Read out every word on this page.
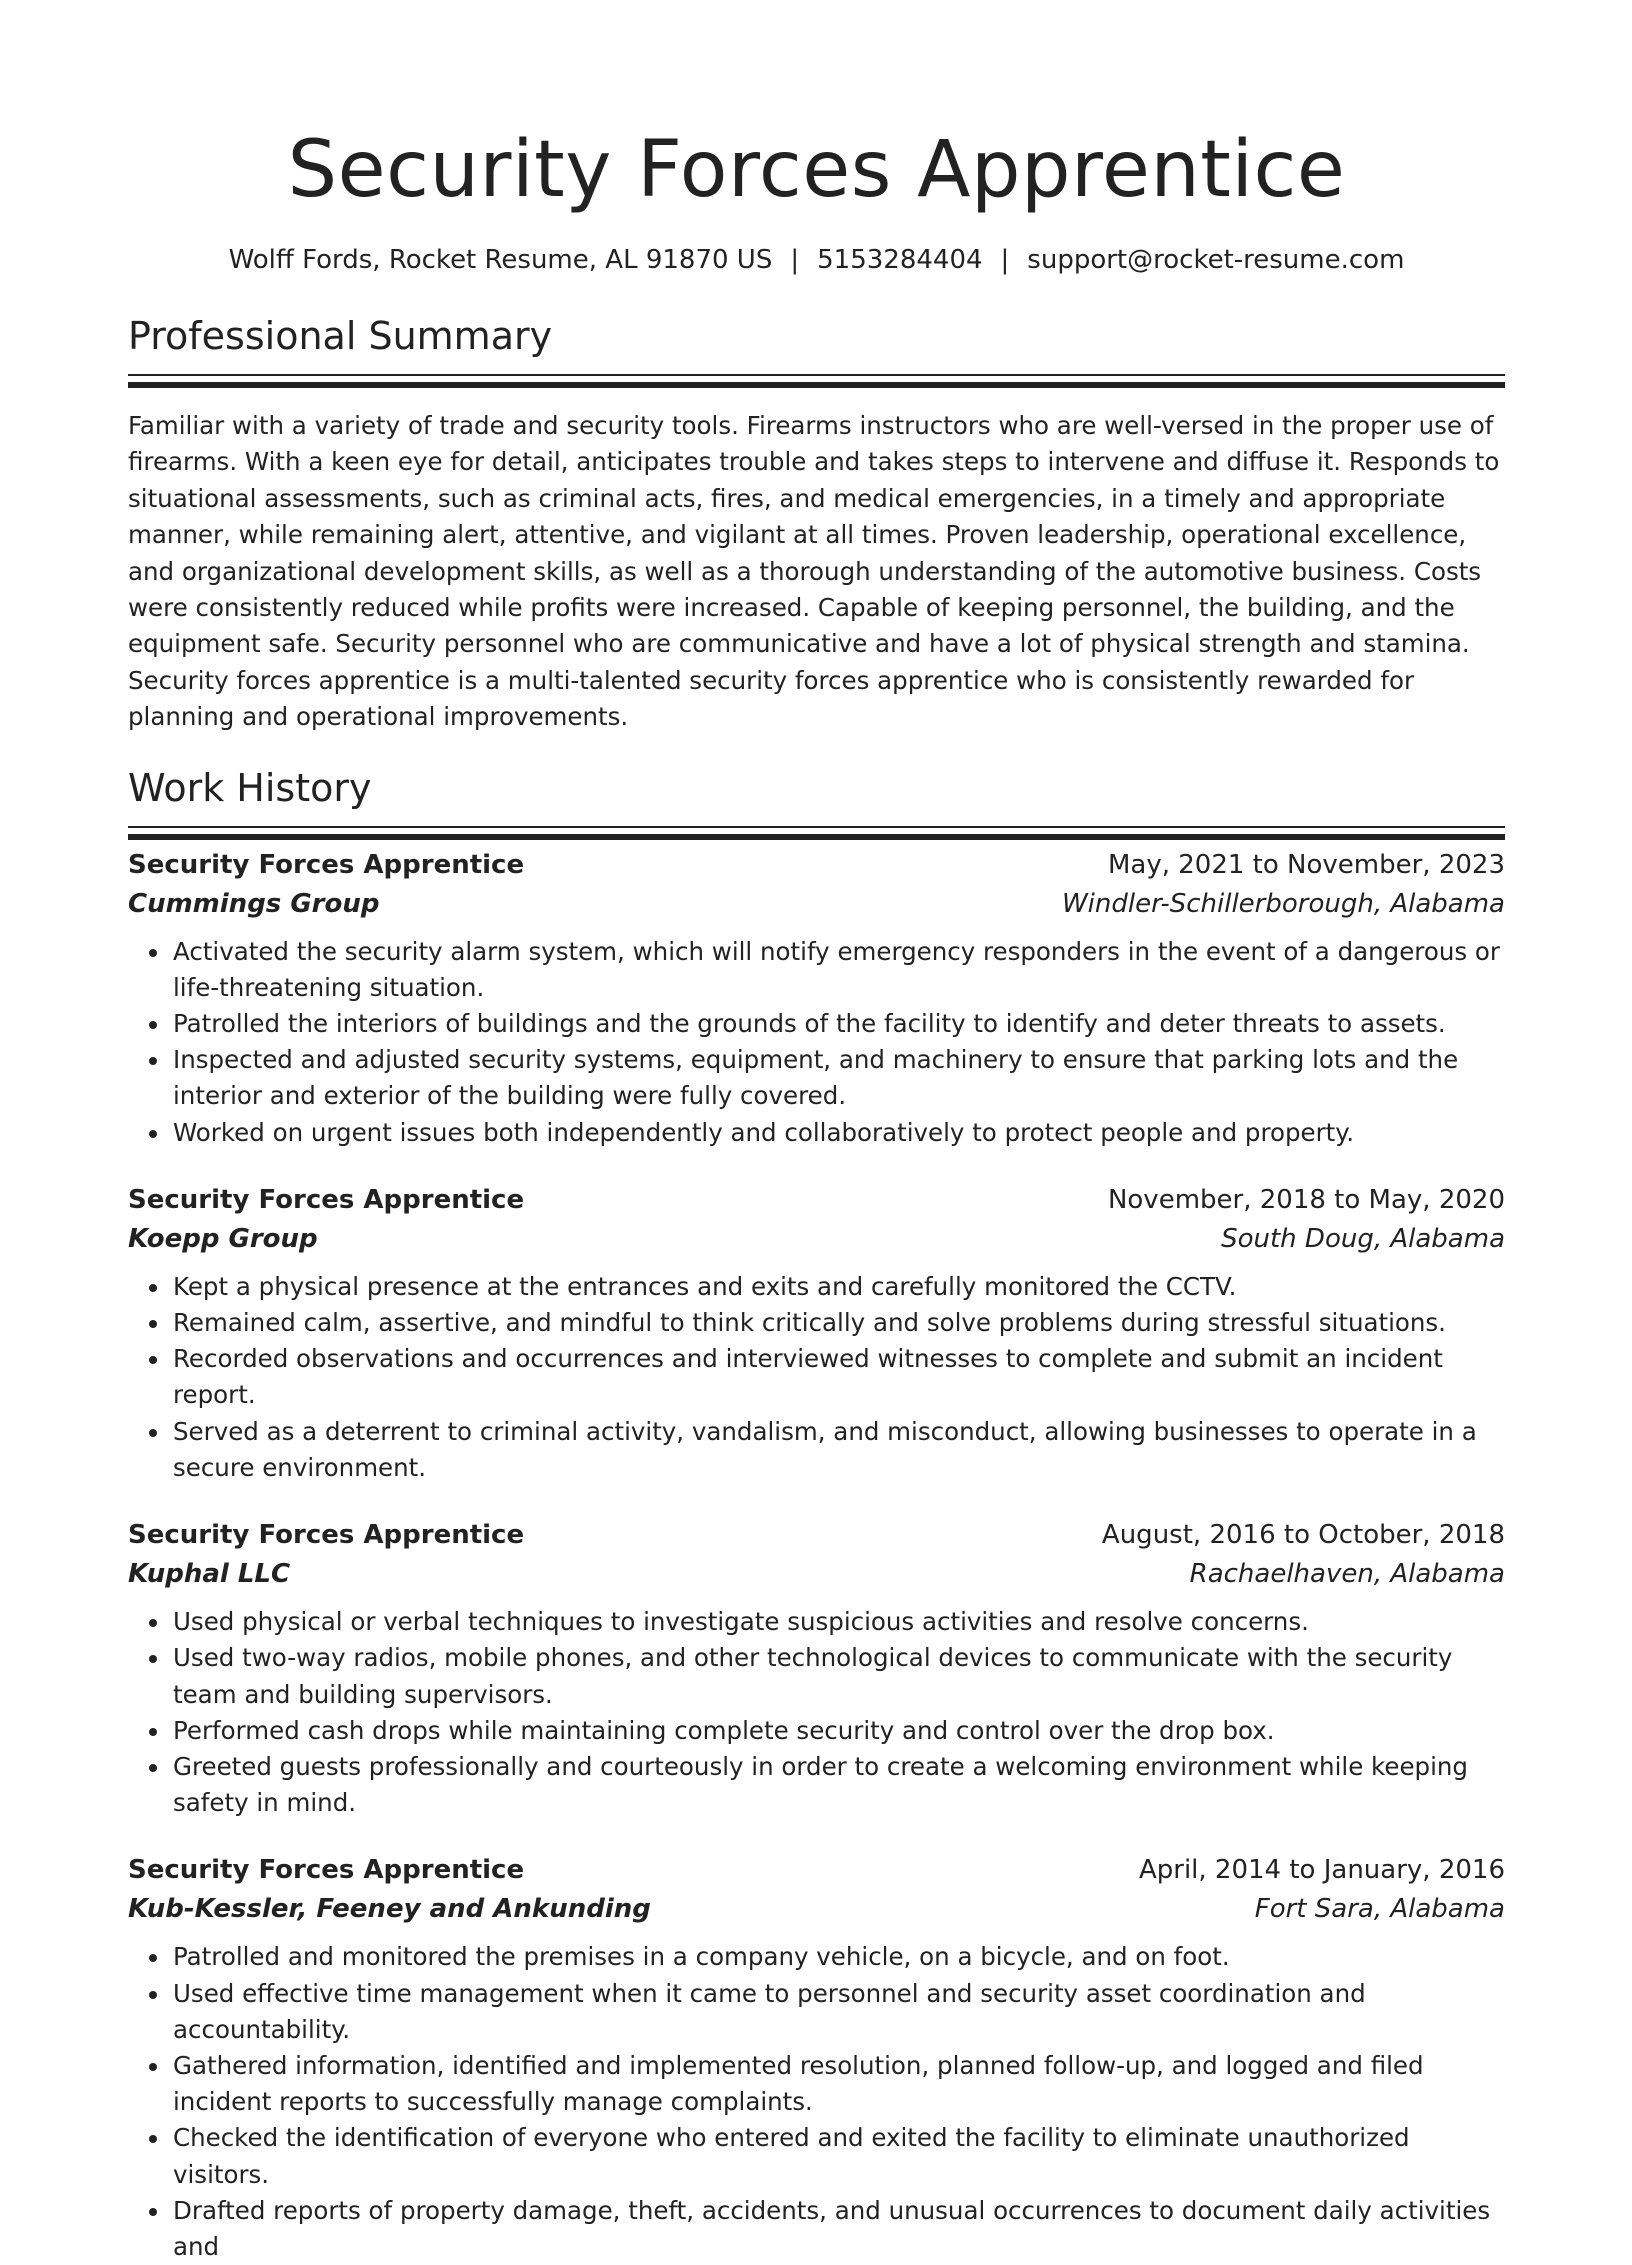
Security Forces Apprentice
Wolff Fords, Rocket Resume, AL 91870 US | 5153284404 | support@rocket-resume.com
Professional Summary

Familiar with a variety of trade and security tools. Firearms instructors who are well-versed in the proper use of firearms. With a keen eye for detail, anticipates trouble and takes steps to intervene and diffuse it. Responds to situational assessments, such as criminal acts, fires, and medical emergencies, in a timely and appropriate manner, while remaining alert, attentive, and vigilant at all times. Proven leadership, operational excellence, and organizational development skills, as well as a thorough understanding of the automotive business. Costs were consistently reduced while profits were increased. Capable of keeping personnel, the building, and the equipment safe. Security personnel who are communicative and have a lot of physical strength and stamina. Security forces apprentice is a multi-talented security forces apprentice who is consistently rewarded for planning and operational improvements.

Work History
Security Forces Apprentice	May, 2021 to November, 2023
Cummings Group	Windler-Schillerborough, Alabama
• Activated the security alarm system, which will notify emergency responders in the event of a dangerous or life-threatening situation.
• Patrolled the interiors of buildings and the grounds of the facility to identify and deter threats to assets.
• Inspected and adjusted security systems, equipment, and machinery to ensure that parking lots and the interior and exterior of the building were fully covered.
• Worked on urgent issues both independently and collaboratively to protect people and property.
Security Forces Apprentice	November, 2018 to May, 2020
Koepp Group	South Doug, Alabama
• Kept a physical presence at the entrances and exits and carefully monitored the CCTV.
• Remained calm, assertive, and mindful to think critically and solve problems during stressful situations.
• Recorded observations and occurrences and interviewed witnesses to complete and submit an incident report.
• Served as a deterrent to criminal activity, vandalism, and misconduct, allowing businesses to operate in a secure environment.
Security Forces Apprentice	August, 2016 to October, 2018
Kuphal LLC	Rachaelhaven, Alabama
• Used physical or verbal techniques to investigate suspicious activities and resolve concerns.
• Used two-way radios, mobile phones, and other technological devices to communicate with the security team and building supervisors.
• Performed cash drops while maintaining complete security and control over the drop box.
• Greeted guests professionally and courteously in order to create a welcoming environment while keeping safety in mind.
Security Forces Apprentice	April, 2014 to January, 2016
Kub-Kessler, Feeney and Ankunding	Fort Sara, Alabama
• Patrolled and monitored the premises in a company vehicle, on a bicycle, and on foot.
• Used effective time management when it came to personnel and security asset coordination and accountability.
• Gathered information, identified and implemented resolution, planned follow-up, and logged and filed incident reports to successfully manage complaints.
• Checked the identification of everyone who entered and exited the facility to eliminate unauthorized visitors.
• Drafted reports of property damage, theft, accidents, and unusual occurrences to document daily activities and
